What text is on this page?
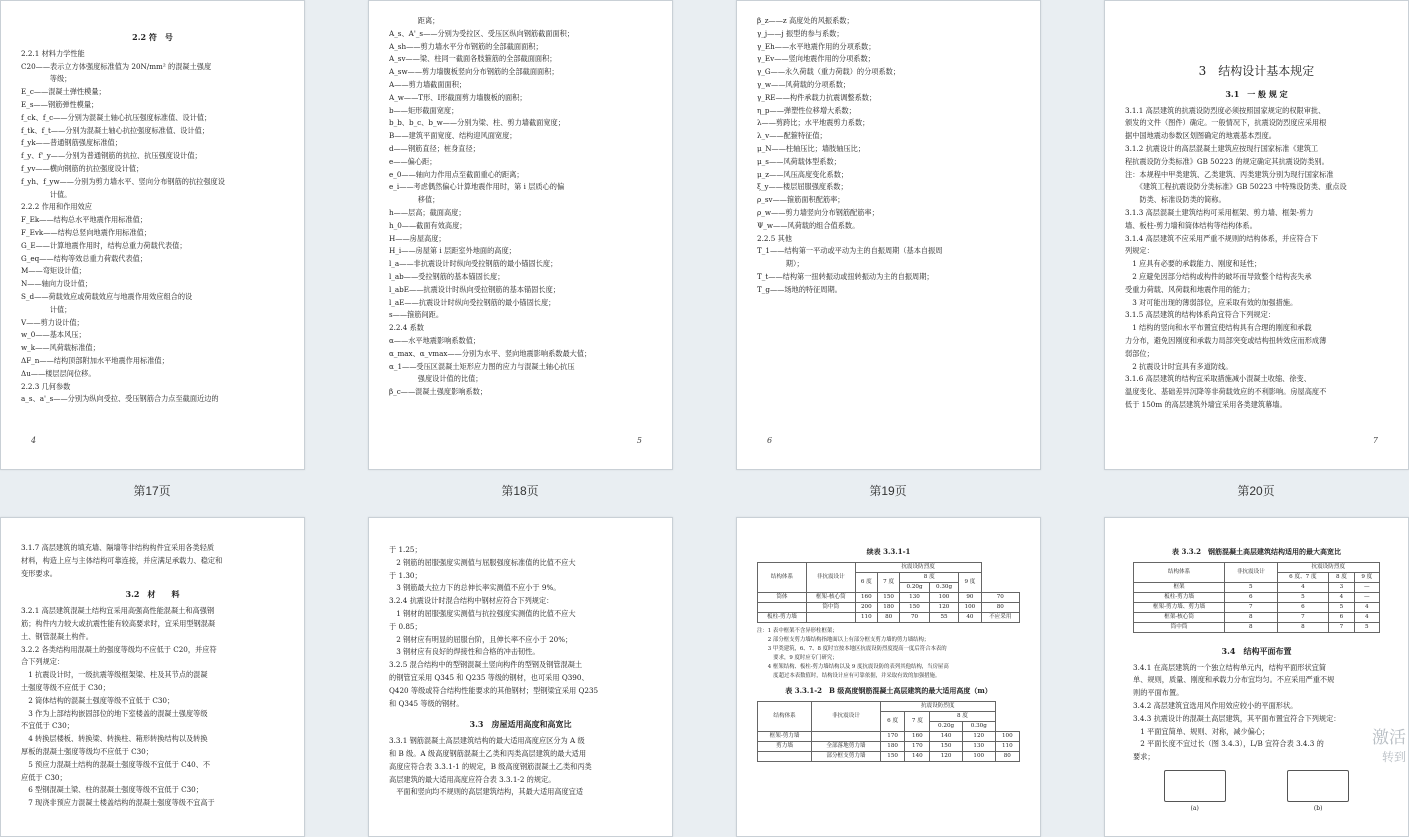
2.2 符　号

2.2.1 材料力学性能

C20——表示立方体强度标准值为 20N/mm² 的混凝土强度

　　　　等级；

E_c——混凝土弹性模量；

E_s——钢筋弹性模量；

f_ck、f_c——分别为混凝土轴心抗压强度标准值、设计值；

f_tk、f_t——分别为混凝土轴心抗拉强度标准值、设计值；

f_yk——普通钢筋强度标准值；

f_y、f'_y——分别为普通钢筋的抗拉、抗压强度设计值；

f_yv——横向钢筋的抗拉强度设计值；

f_yh、f_yw——分别为剪力墙水平、竖向分布钢筋的抗拉强度设

　　　　计值。

2.2.2 作用和作用效应

F_Ek——结构总水平地震作用标准值；

F_Evk——结构总竖向地震作用标准值；

G_E——计算地震作用时，结构总重力荷载代表值；

G_eq——结构等效总重力荷载代表值；

M——弯矩设计值；

N——轴向力设计值；

S_d——荷载效应或荷载效应与地震作用效应组合的设

　　　　计值；

V——剪力设计值；

w_0——基本风压；

w_k——风荷载标准值；

ΔF_n——结构顶部附加水平地震作用标准值；

Δu——楼层层间位移。

2.2.3 几何参数

a_s、a'_s——分别为纵向受拉、受压钢筋合力点至截面近边的

4

　　　　距离；

A_s、A'_s——分别为受拉区、受压区纵向钢筋截面面积；

A_sh——剪力墙水平分布钢筋的全部截面面积；

A_sv——梁、柱同一截面各肢箍筋的全部截面面积；

A_sw——剪力墙腹板竖向分布钢筋的全部截面面积；

A——剪力墙截面面积；

A_w——T形、I形截面剪力墙腹板的面积；

b——矩形截面宽度；

b_b、b_c、b_w——分别为梁、柱、剪力墙截面宽度；

B——建筑平面宽度、结构迎风面宽度；

d——钢筋直径；桩身直径；

e——偏心距；

e_0——轴向力作用点至截面重心的距离；

e_i——考虑偶然偏心计算地震作用时，第 i 层质心的偏

　　　　移值；

h——层高；截面高度；

h_0——截面有效高度；

H——房屋高度；

H_i——房屋第 i 层距室外地面的高度；

l_a——非抗震设计时纵向受拉钢筋的最小锚固长度；

l_ab——受拉钢筋的基本锚固长度；

l_abE——抗震设计时纵向受拉钢筋的基本锚固长度；

l_aE——抗震设计时纵向受拉钢筋的最小锚固长度；

s——箍筋间距。

2.2.4 系数

α——水平地震影响系数值；

α_max、α_vmax——分别为水平、竖向地震影响系数最大值；

α_1——受压区混凝土矩形应力图的应力与混凝土轴心抗压

　　　　强度设计值的比值；

β_c——混凝土强度影响系数；

5

β_z——z 高度处的风振系数；

γ_j——j 振型的参与系数；

γ_Eh——水平地震作用的分项系数；

γ_Ev——竖向地震作用的分项系数；

γ_G——永久荷载（重力荷载）的分项系数；

γ_w——风荷载的分项系数；

γ_RE——构件承载力抗震调整系数；

η_p——弹塑性位移增大系数；

λ——剪跨比；水平地震剪力系数；

λ_v——配箍特征值；

μ_N——柱轴压比；墙肢轴压比；

μ_s——风荷载体型系数；

μ_z——风压高度变化系数；

ξ_y——楼层屈服强度系数；

ρ_sv——箍筋面积配筋率；

ρ_w——剪力墙竖向分布钢筋配筋率；

Ψ_w——风荷载的组合值系数。

2.2.5 其他

T_1——结构第一平动或平动为主的自振周期（基本自振周

　　　　期）；

T_t——结构第一扭转振动或扭转振动为主的自振周期；

T_g——场地的特征周期。

6

3　结构设计基本规定

3.1　一 般 规 定

3.1.1 高层建筑的抗震设防烈度必须按照国家规定的权限审批、

颁发的文件（图件）确定。一般情况下，抗震设防烈度应采用根

据中国地震动参数区划图确定的地震基本烈度。

3.1.2 抗震设计的高层混凝土建筑应按现行国家标准《建筑工

程抗震设防分类标准》GB 50223 的规定确定其抗震设防类别。

注：本规程中甲类建筑、乙类建筑、丙类建筑分别为现行国家标准

　　《建筑工程抗震设防分类标准》GB 50223 中特殊设防类、重点设

　　防类、标准设防类的简称。

3.1.3 高层混凝土建筑结构可采用框架、剪力墙、框架-剪力

墙、板柱-剪力墙和筒体结构等结构体系。

3.1.4 高层建筑不应采用严重不规则的结构体系，并应符合下

列规定：

　1 应具有必要的承载能力、刚度和延性；

　2 应避免因部分结构或构件的破坏而导致整个结构丧失承

受重力荷载、风荷载和地震作用的能力；

　3 对可能出现的薄弱部位，应采取有效的加强措施。

3.1.5 高层建筑的结构体系尚宜符合下列规定：

　1 结构的竖向和水平布置宜使结构具有合理的刚度和承载

力分布，避免因刚度和承载力局部突变或结构扭转效应而形成薄

弱部位；

　2 抗震设计时宜具有多道防线。

3.1.6 高层建筑的结构宜采取措施减小混凝土收缩、徐变、

温度变化、基础差异沉降等非荷载效应的不利影响。房屋高度不

低于 150m 的高层建筑外墙宜采用各类建筑幕墙。

7
第17页	第18页	第19页	第20页

3.1.7 高层建筑的填充墙、隔墙等非结构构件宜采用各类轻质

材料，构造上应与主体结构可靠连接，并应满足承载力、稳定和

变形要求。

3.2　材　　料

3.2.1 高层建筑混凝土结构宜采用高强高性能混凝土和高强钢

筋；构件内力较大或抗震性能有较高要求时，宜采用型钢混凝

土、钢管混凝土构件。

3.2.2 各类结构用混凝土的强度等级均不应低于 C20，并应符

合下列规定：

　1 抗震设计时，一级抗震等级框架梁、柱及其节点的混凝

土强度等级不应低于 C30；

　2 筒体结构的混凝土强度等级不宜低于 C30；

　3 作为上部结构嵌固部位的地下室楼盖的混凝土强度等级

不宜低于 C30；

　4 转换层楼板、转换梁、转换柱、箱形转换结构以及转换

厚板的混凝土强度等级均不应低于 C30；

　5 预应力混凝土结构的混凝土强度等级不宜低于 C40、不

应低于 C30；

　6 型钢混凝土梁、柱的混凝土强度等级不宜低于 C30；

　7 现浇非预应力混凝土楼盖结构的混凝土强度等级不宜高于

于 1.25；

　2 钢筋的屈服强度实测值与屈服强度标准值的比值不应大

于 1.30；

　3 钢筋最大拉力下的总伸长率实测值不应小于 9%。

3.2.4 抗震设计时混合结构中钢材应符合下列规定：

　1 钢材的屈服强度实测值与抗拉强度实测值的比值不应大

于 0.85；

　2 钢材应有明显的屈服台阶，且伸长率不应小于 20%；

　3 钢材应有良好的焊接性和合格的冲击韧性。

3.2.5 混合结构中的型钢混凝土竖向构件的型钢及钢管混凝土

的钢管宜采用 Q345 和 Q235 等级的钢材，也可采用 Q390、

Q420 等级或符合结构性能要求的其他钢材；型钢梁宜采用 Q235

和 Q345 等级的钢材。

3.3　房屋适用高度和高宽比

3.3.1 钢筋混凝土高层建筑结构的最大适用高度应区分为 A 级

和 B 级。A 级高度钢筋混凝土乙类和丙类高层建筑的最大适用

高度应符合表 3.3.1-1 的规定，B 级高度钢筋混凝土乙类和丙类

高层建筑的最大适用高度应符合表 3.3.1-2 的规定。

　平面和竖向均不规则的高层建筑结构，其最大适用高度宜适

续表 3.3.1-1

结构体系	非抗震设计	抗震设防烈度					
		6 度	7 度	8 度		9 度	
				0.20g	0.30g		
筒体	框架-核心筒	160	150	130	100	90	70
	筒中筒	200	180	150	120	100	80
板柱-剪力墙		110	80	70	55	40	不应采用

注：1 表中框架不含异形柱框架；

　　2 部分框支剪力墙结构指地面以上有部分框支剪力墙的剪力墙结构；

　　3 甲类建筑，6、7、8 度时宜按本地区抗震设防烈度提高一度后符合本表的

　　　要求，9 度时应专门研究；

　　4 框架结构、板柱-剪力墙结构以及 9 度抗震设防的表列其他结构，当房屋高

　　　度超过本表数值时，结构设计应有可靠依据，并采取有效的加强措施。

表 3.3.1-2　B 级高度钢筋混凝土高层建筑的最大适用高度（m）

结构体系	非抗震设计	抗震设防烈度				
		6 度	7 度	8 度		
				0.20g	0.30g	
框架-剪力墙		170	160	140	120	100
剪力墙	全部落地剪力墙	180	170	150	130	110
	部分框支剪力墙	150	140	120	100	80

表 3.3.2　钢筋混凝土高层建筑结构适用的最大高宽比

结构体系	非抗震设计	抗震设防烈度		
		6 度、7 度	8 度	9 度
框架	5	4	3	—
板柱-剪力墙	6	5	4	—
框架-剪力墙、剪力墙	7	6	5	4
框架-核心筒	8	7	6	4
筒中筒	8	8	7	5

3.4　结构平面布置

3.4.1 在高层建筑的一个独立结构单元内，结构平面形状宜简

单、规则，质量、刚度和承载力分布宜均匀。不应采用严重不规

则的平面布置。

3.4.2 高层建筑宜选用风作用效应较小的平面形状。

3.4.3 抗震设计的混凝土高层建筑，其平面布置宜符合下列规定：

　1 平面宜简单、规则、对称，减少偏心；

　2 平面长度不宜过长（图 3.4.3），L/B 宜符合表 3.4.3 的

要求；

(a)	(b)
激活
转到
